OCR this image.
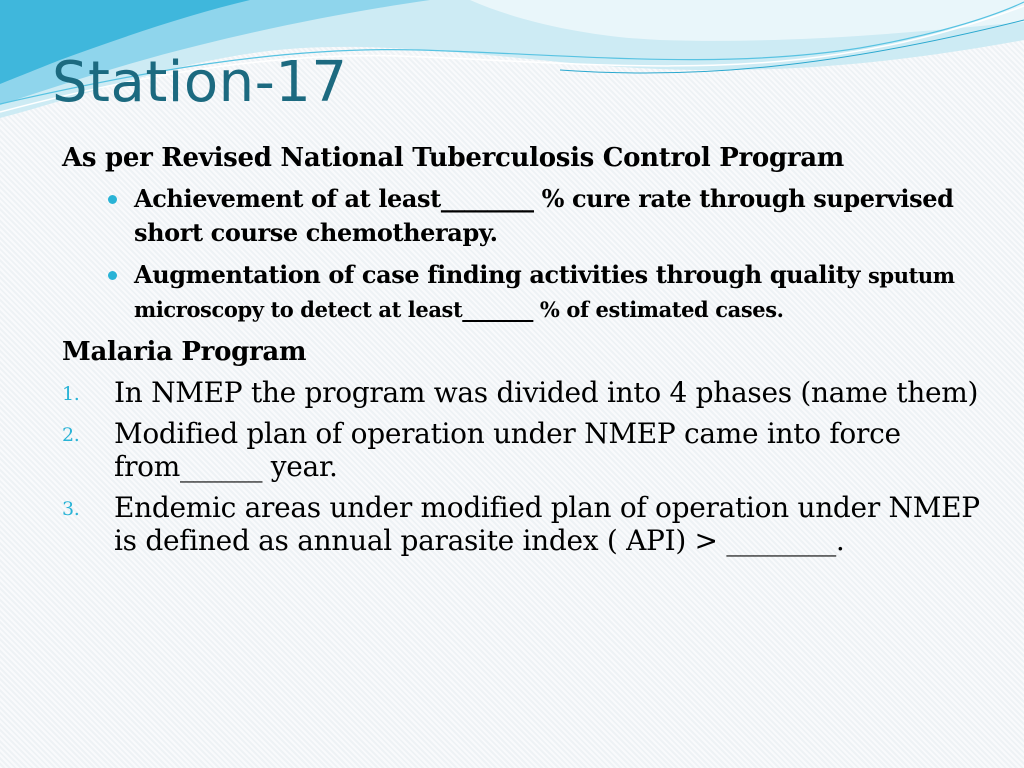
Station-17

As per Revised National Tuberculosis Control Program

Achievement of at least________ % cure rate through supervised short course chemotherapy.
Augmentation of case finding activities through quality sputum microscopy to detect at least_______ % of estimated cases.

Malaria Program

1. In NMEP the program was divided into 4 phases (name them)
2. Modified plan of operation under NMEP came into force from______ year.
3. Endemic areas under modified plan of operation under NMEP is defined as annual parasite index ( API) > ________.
